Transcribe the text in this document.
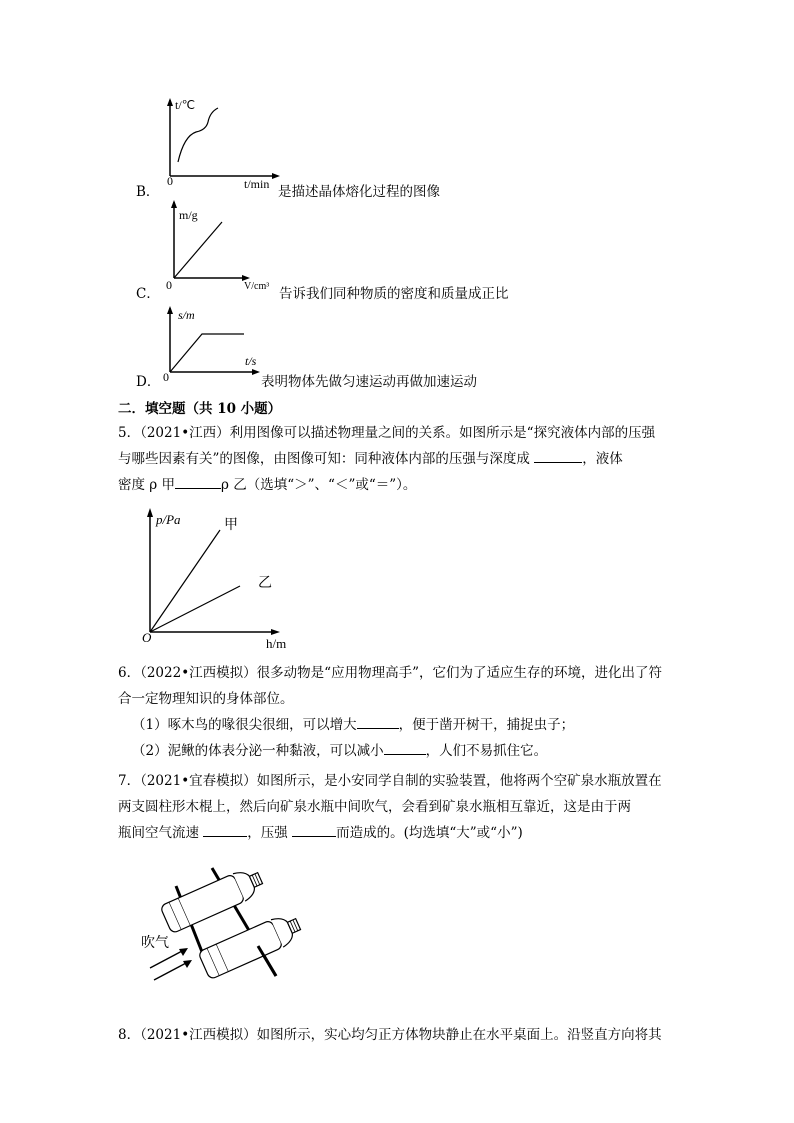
B．
t/℃
0	t/min 是描述晶体熔化过程的图像
C．
m/g
0	V/cm³ 告诉我们同种物质的密度和质量成正比
D．
s/m
0
t/s
表明物体先做匀速运动再做加速运动
二．填空题（共 10 小题）
5．（2021•江西）利用图像可以描述物理量之间的关系。如图所示是“探究液体内部的压强
与哪些因素有关”的图像，由图像可知：同种液体内部的压强与深度成	，液体
密度 ρ 甲	ρ 乙（选填“＞”、“＜”或“＝”）。
p/Pa	甲
乙
O	h/m
6．（2022•江西模拟）很多动物是“应用物理高手”，它们为了适应生存的环境，进化出了符
合一定物理知识的身体部位。
（1）啄木鸟的喙很尖很细，可以增大	，便于凿开树干，捕捉虫子；
（2）泥鳅的体表分泌一种黏液，可以减小	，人们不易抓住它。
7．（2021•宜春模拟）如图所示，是小安同学自制的实验装置，他将两个空矿泉水瓶放置在
两支圆柱形木棍上，然后向矿泉水瓶中间吹气，会看到矿泉水瓶相互靠近，这是由于两
瓶间空气流速	，压强	而造成的。(均选填“大”或“小”)
吹气
8．（2021•江西模拟）如图所示，实心均匀正方体物块静止在水平桌面上。沿竖直方向将其
